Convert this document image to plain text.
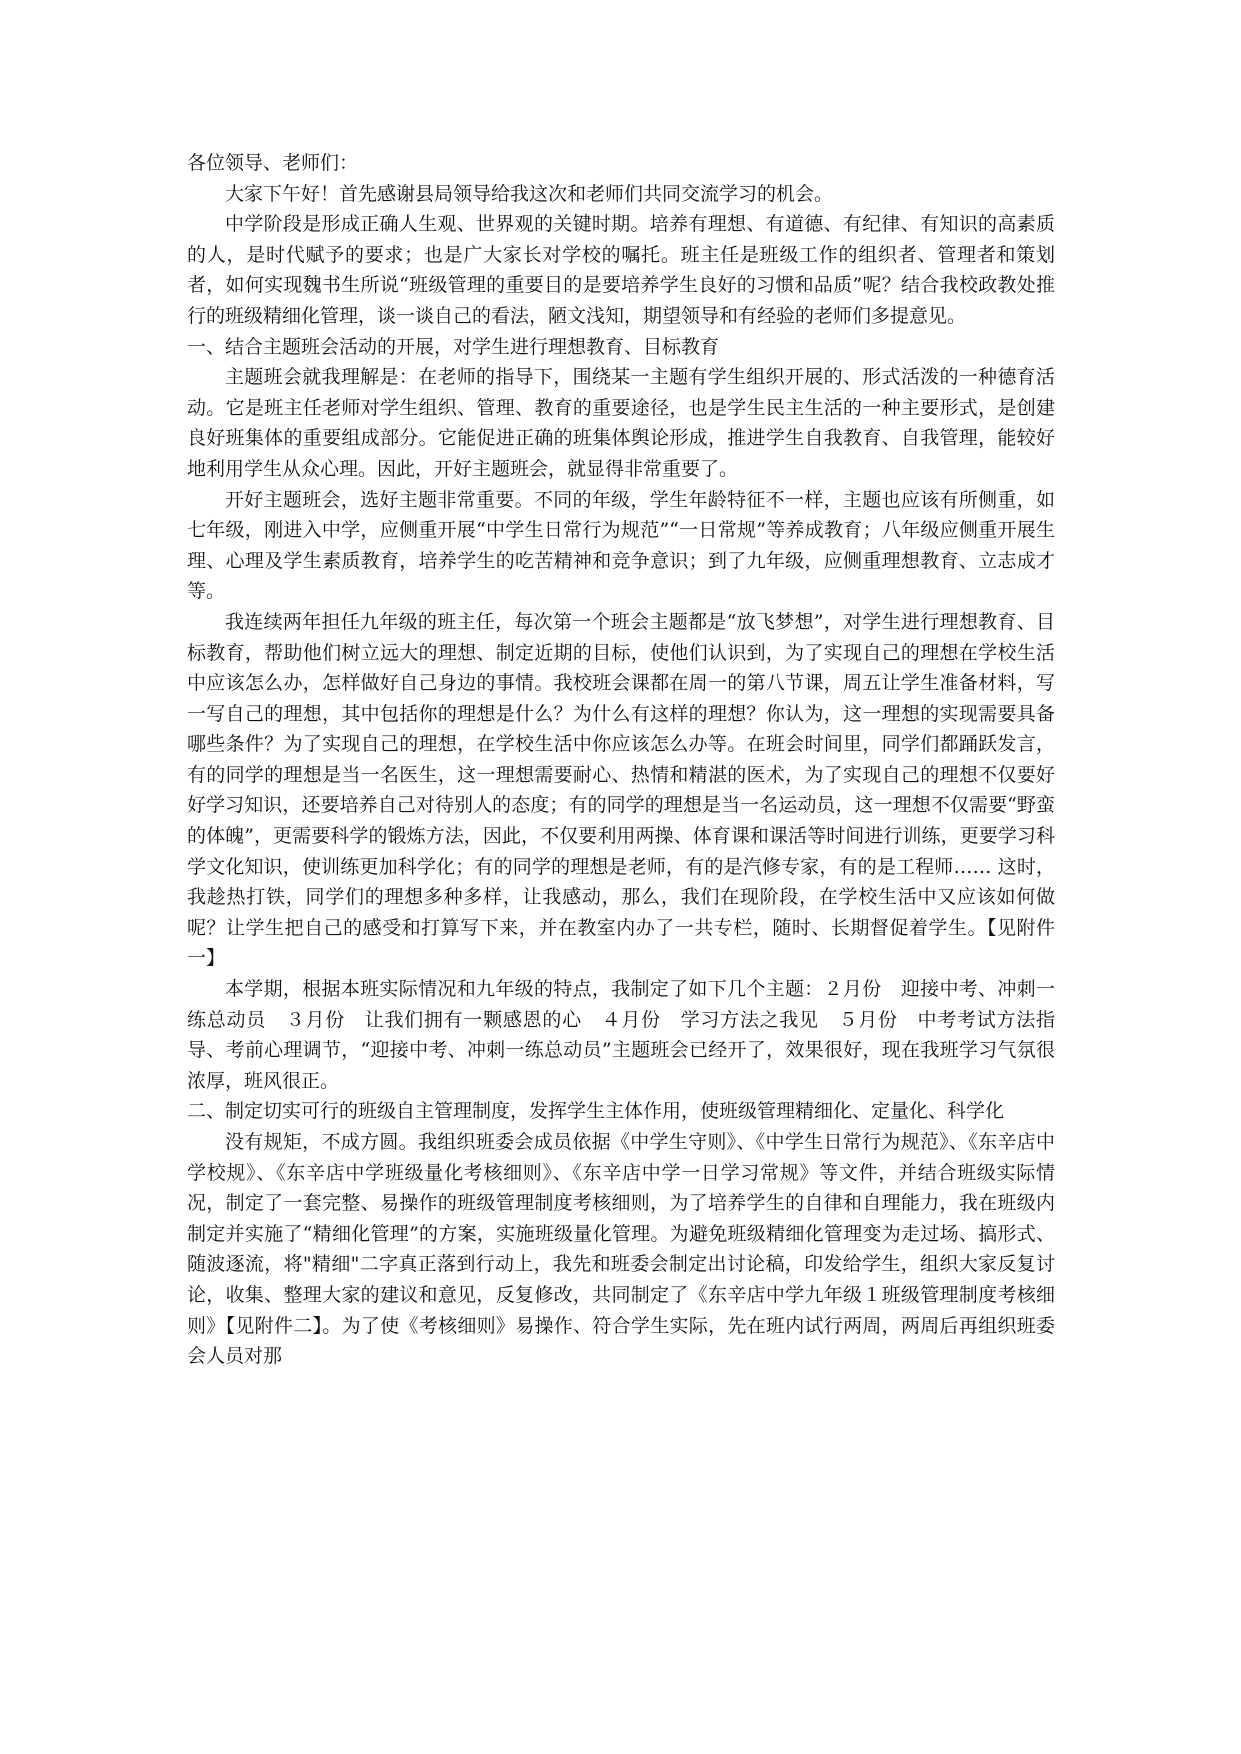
各位领导、老师们：

大家下午好！首先感谢县局领导给我这次和老师们共同交流学习的机会。

中学阶段是形成正确人生观、世界观的关键时期。培养有理想、有道德、有纪律、有知识的高素质的人，是时代赋予的要求；也是广大家长对学校的嘱托。班主任是班级工作的组织者、管理者和策划者，如何实现魏书生所说“班级管理的重要目的是要培养学生良好的习惯和品质”呢？结合我校政教处推行的班级精细化管理，谈一谈自己的看法，陋文浅知，期望领导和有经验的老师们多提意见。

一、结合主题班会活动的开展，对学生进行理想教育、目标教育

主题班会就我理解是：在老师的指导下，围绕某一主题有学生组织开展的、形式活泼的一种德育活动。它是班主任老师对学生组织、管理、教育的重要途径，也是学生民主生活的一种主要形式，是创建良好班集体的重要组成部分。它能促进正确的班集体舆论形成，推进学生自我教育、自我管理，能较好地利用学生从众心理。因此，开好主题班会，就显得非常重要了。

开好主题班会，选好主题非常重要。不同的年级，学生年龄特征不一样，主题也应该有所侧重，如七年级，刚进入中学，应侧重开展“中学生日常行为规范”“一日常规”等养成教育；八年级应侧重开展生理、心理及学生素质教育，培养学生的吃苦精神和竞争意识；到了九年级，应侧重理想教育、立志成才等。

我连续两年担任九年级的班主任，每次第一个班会主题都是“放飞梦想”，对学生进行理想教育、目标教育，帮助他们树立远大的理想、制定近期的目标，使他们认识到，为了实现自己的理想在学校生活中应该怎么办，怎样做好自己身边的事情。我校班会课都在周一的第八节课，周五让学生准备材料，写一写自己的理想，其中包括你的理想是什么？为什么有这样的理想？你认为，这一理想的实现需要具备哪些条件？为了实现自己的理想，在学校生活中你应该怎么办等。在班会时间里，同学们都踊跃发言，有的同学的理想是当一名医生，这一理想需要耐心、热情和精湛的医术，为了实现自己的理想不仅要好好学习知识，还要培养自己对待别人的态度；有的同学的理想是当一名运动员，这一理想不仅需要“野蛮的体魄”，更需要科学的锻炼方法，因此，不仅要利用两操、体育课和课活等时间进行训练，更要学习科学文化知识，使训练更加科学化；有的同学的理想是老师，有的是汽修专家，有的是工程师…… 这时，我趁热打铁，同学们的理想多种多样，让我感动，那么，我们在现阶段，在学校生活中又应该如何做呢？让学生把自己的感受和打算写下来，并在教室内办了一共专栏，随时、长期督促着学生。【见附件一】

本学期，根据本班实际情况和九年级的特点，我制定了如下几个主题：２月份　迎接中考、冲刺一练总动员　３月份　让我们拥有一颗感恩的心　４月份　学习方法之我见　５月份　中考考试方法指导、考前心理调节，“迎接中考、冲刺一练总动员”主题班会已经开了，效果很好，现在我班学习气氛很浓厚，班风很正。

二、制定切实可行的班级自主管理制度，发挥学生主体作用，使班级管理精细化、定量化、科学化

没有规矩，不成方圆。我组织班委会成员依据《中学生守则》、《中学生日常行为规范》、《东辛店中学校规》、《东辛店中学班级量化考核细则》、《东辛店中学一日学习常规》等文件，并结合班级实际情况，制定了一套完整、易操作的班级管理制度考核细则，为了培养学生的自律和自理能力，我在班级内制定并实施了“精细化管理”的方案，实施班级量化管理。为避免班级精细化管理变为走过场、搞形式、随波逐流，将"精细"二字真正落到行动上，我先和班委会制定出讨论稿，印发给学生，组织大家反复讨论，收集、整理大家的建议和意见，反复修改，共同制定了《东辛店中学九年级１班级管理制度考核细则》【见附件二】。为了使《考核细则》易操作、符合学生实际，先在班内试行两周，两周后再组织班委会人员对那
